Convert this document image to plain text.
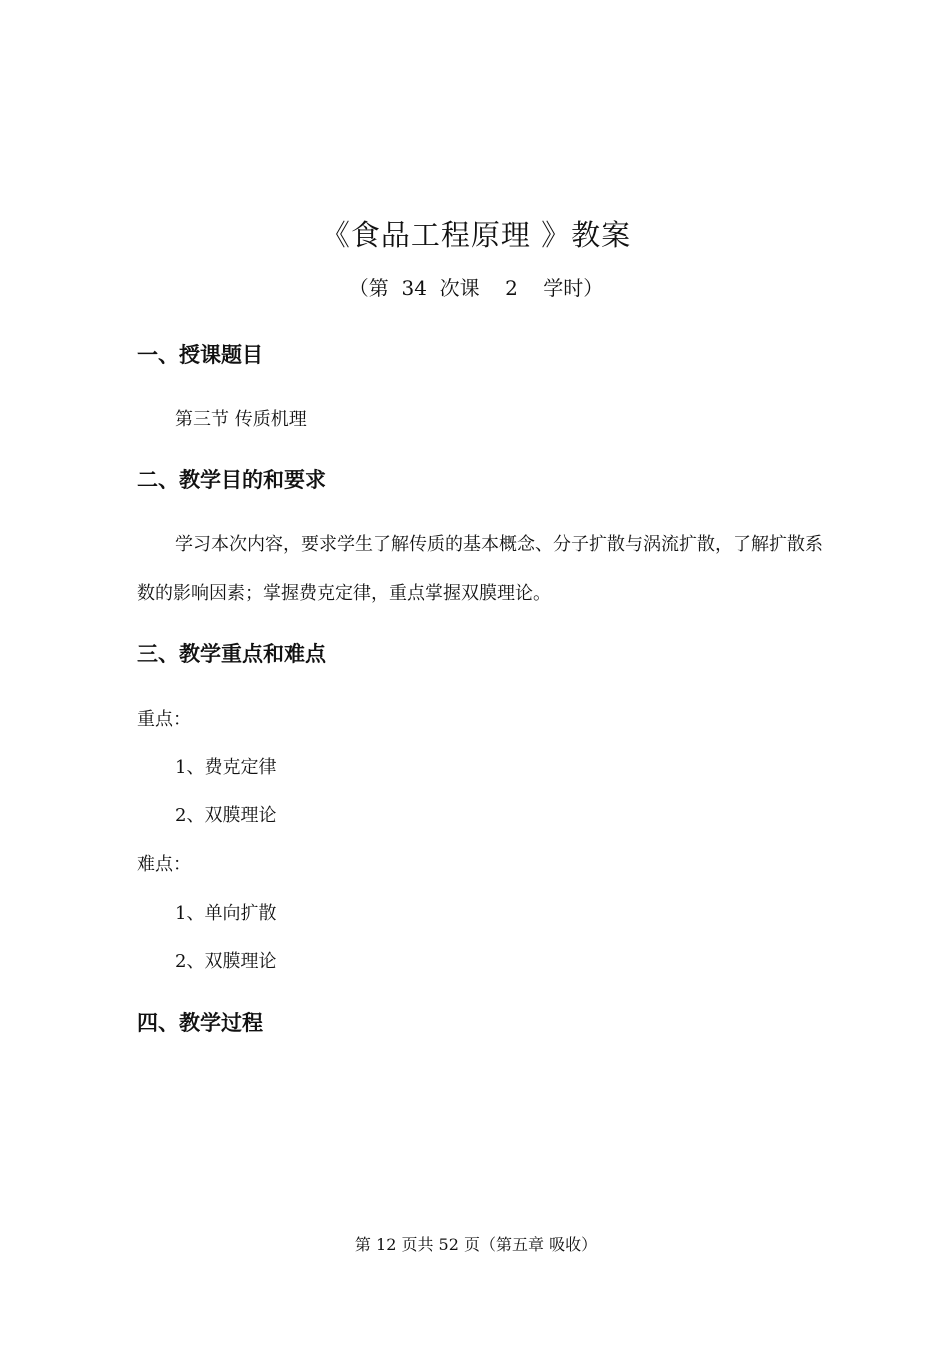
《食品工程原理 》教案
（第  34  次课    2    学时）
一、授课题目
第三节 传质机理
二、教学目的和要求
学习本次内容，要求学生了解传质的基本概念、分子扩散与涡流扩散，了解扩散系
数的影响因素；掌握费克定律，重点掌握双膜理论。
三、教学重点和难点
重点：
1、费克定律
2、双膜理论
难点：
1、单向扩散
2、双膜理论
四、教学过程
第 12 页共 52 页（第五章 吸收）
